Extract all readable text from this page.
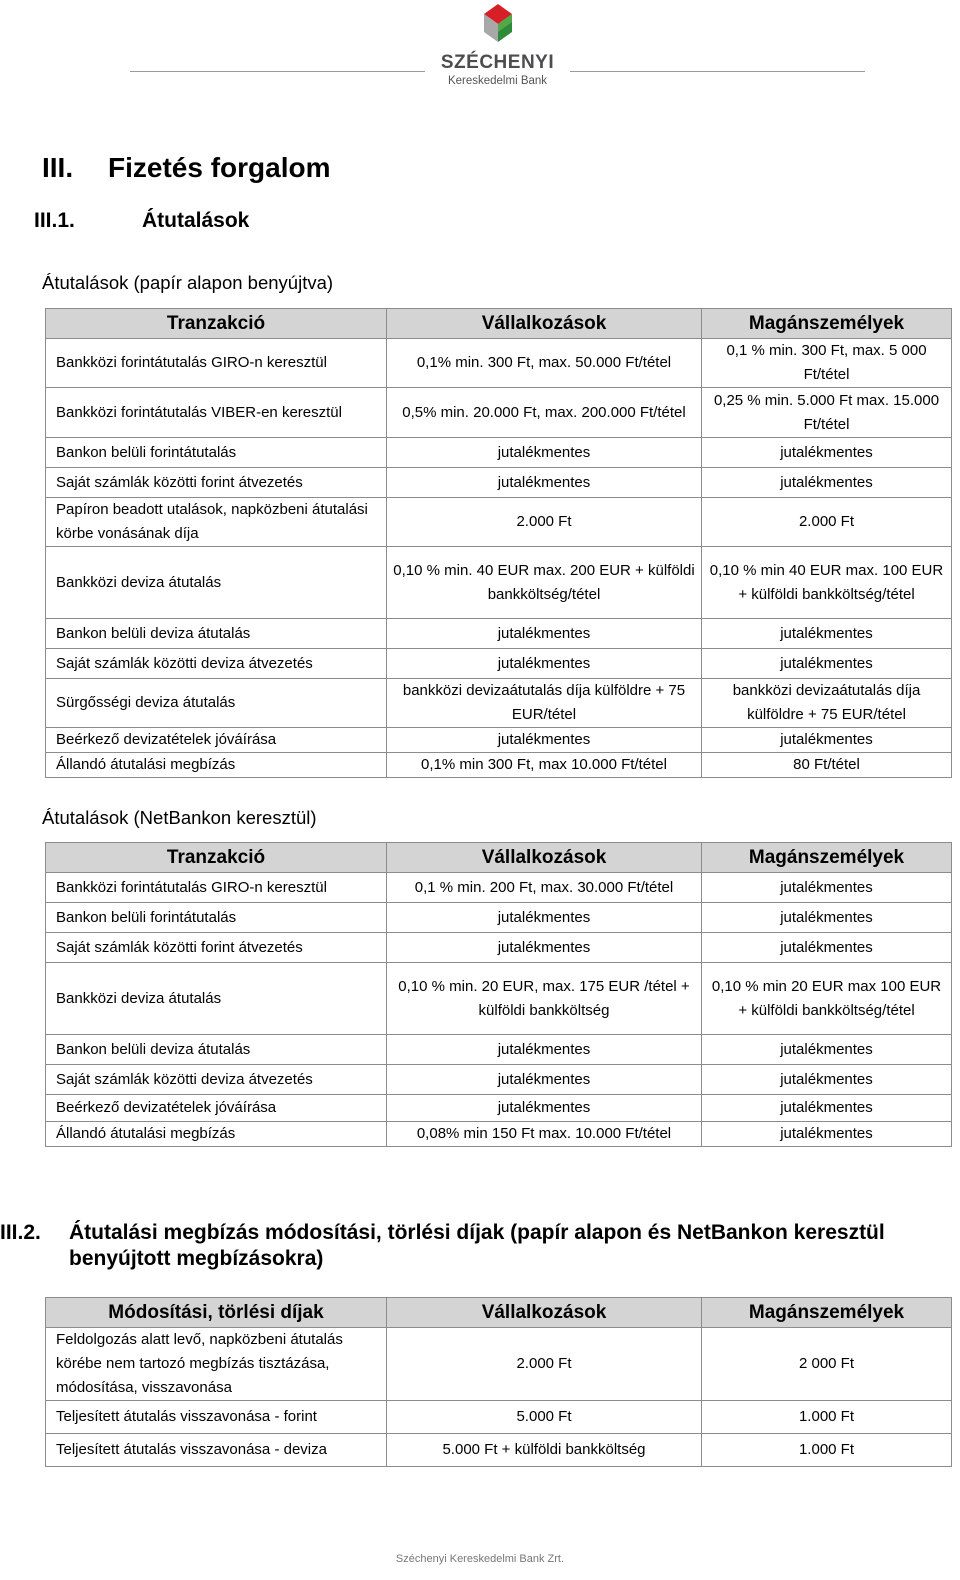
SZÉCHENYI
Kereskedelmi Bank
III. Fizetés forgalom
III.1.	Átutalások
Átutalások (papír alapon benyújtva)
Tranzakció	Vállalkozások	Magánszemélyek
Bankközi forintátutalás GIRO-n keresztül	0,1% min. 300 Ft, max. 50.000 Ft/tétel	0,1 % min. 300 Ft, max. 5 000 Ft/tétel
Bankközi forintátutalás VIBER-en keresztül	0,5% min. 20.000 Ft, max. 200.000 Ft/tétel	0,25 % min. 5.000 Ft max. 15.000 Ft/tétel
Bankon belüli forintátutalás	jutalékmentes	jutalékmentes
Saját számlák közötti forint átvezetés	jutalékmentes	jutalékmentes
Papíron beadott utalások, napközbeni átutalási körbe vonásának díja	2.000 Ft	2.000 Ft
Bankközi deviza átutalás	0,10 % min. 40 EUR max. 200 EUR + külföldi bankköltség/tétel	0,10 % min 40 EUR max. 100 EUR + külföldi bankköltség/tétel
Bankon belüli deviza átutalás	jutalékmentes	jutalékmentes
Saját számlák közötti deviza átvezetés	jutalékmentes	jutalékmentes
Sürgősségi deviza átutalás	bankközi devizaátutalás díja külföldre + 75 EUR/tétel	bankközi devizaátutalás díja külföldre + 75 EUR/tétel
Beérkező devizatételek jóváírása	jutalékmentes	jutalékmentes
Állandó átutalási megbízás	0,1% min 300 Ft, max 10.000 Ft/tétel	80 Ft/tétel
Átutalások (NetBankon keresztül)
Tranzakció	Vállalkozások	Magánszemélyek
Bankközi forintátutalás GIRO-n keresztül	0,1 % min. 200 Ft, max. 30.000 Ft/tétel	jutalékmentes
Bankon belüli forintátutalás	jutalékmentes	jutalékmentes
Saját számlák közötti forint átvezetés	jutalékmentes	jutalékmentes
Bankközi deviza átutalás	0,10 % min. 20 EUR, max. 175 EUR /tétel + külföldi bankköltség	0,10 % min 20 EUR max 100 EUR + külföldi bankköltség/tétel
Bankon belüli deviza átutalás	jutalékmentes	jutalékmentes
Saját számlák közötti deviza átvezetés	jutalékmentes	jutalékmentes
Beérkező devizatételek jóváírása	jutalékmentes	jutalékmentes
Állandó átutalási megbízás	0,08% min 150 Ft max. 10.000 Ft/tétel	jutalékmentes
III.2. Átutalási megbízás módosítási, törlési díjak (papír alapon és NetBankon keresztül benyújtott megbízásokra)
Módosítási, törlési díjak	Vállalkozások	Magánszemélyek
Feldolgozás alatt levő, napközbeni átutalás körébe nem tartozó megbízás tisztázása, módosítása, visszavonása	2.000 Ft	2 000 Ft
Teljesített átutalás visszavonása - forint	5.000 Ft	1.000 Ft
Teljesített átutalás visszavonása - deviza	5.000 Ft + külföldi bankköltség	1.000 Ft
Széchenyi Kereskedelmi Bank Zrt.
